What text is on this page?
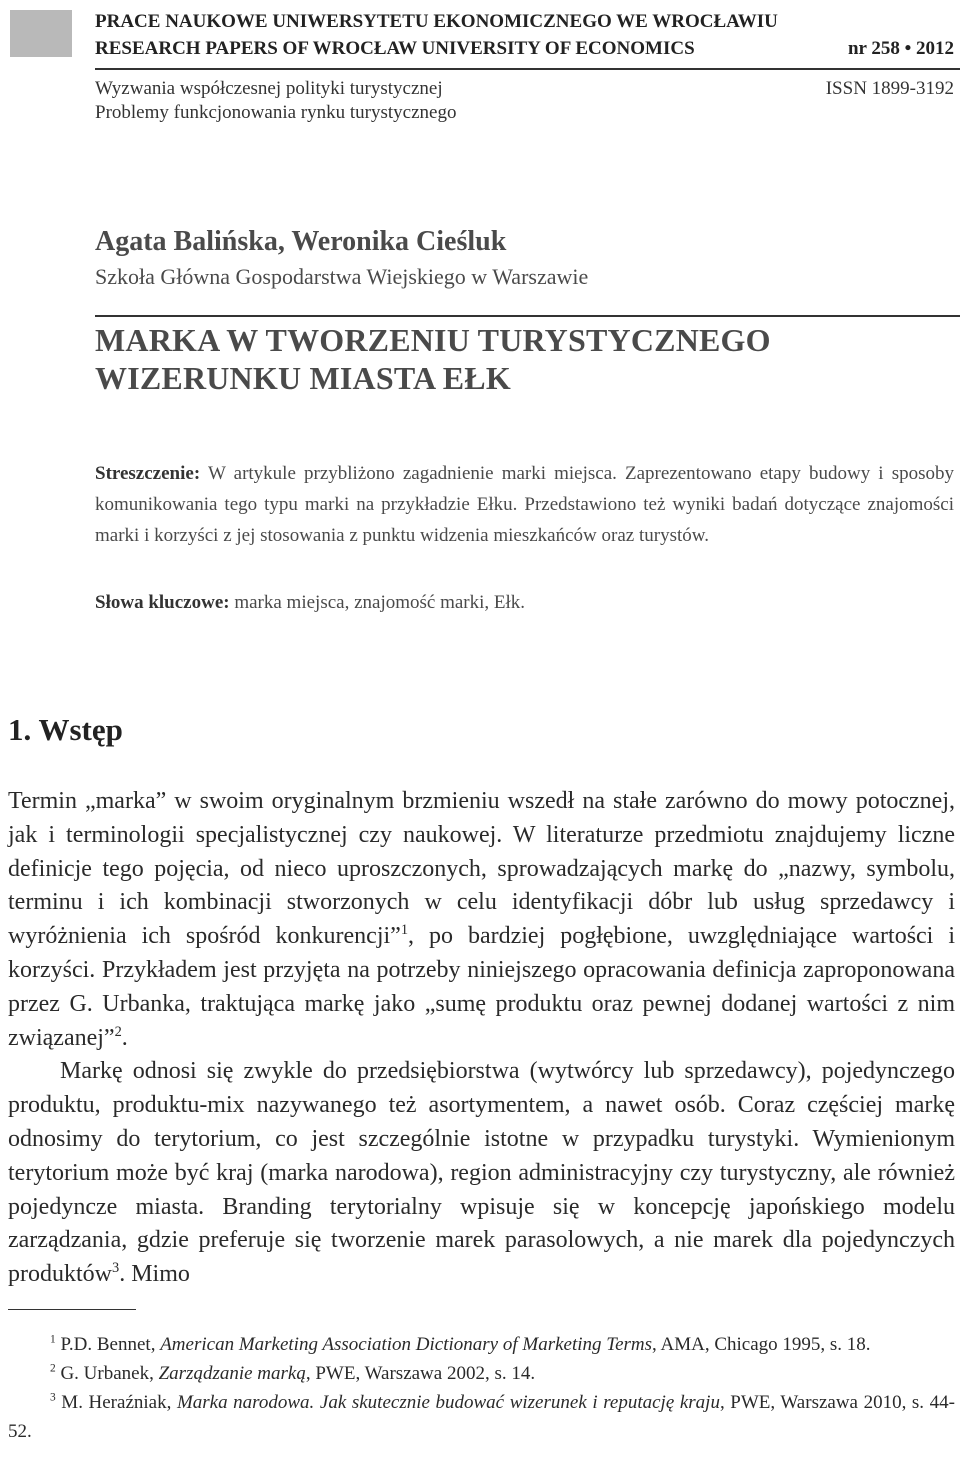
PRACE NAUKOWE UNIWERSYTETU EKONOMICZNEGO WE WROCŁAWIU
RESEARCH PAPERS OF WROCŁAW UNIVERSITY OF ECONOMICS	nr 258 • 2012
Wyzwania współczesnej polityki turystycznej
Problemy funkcjonowania rynku turystycznego
ISSN 1899-3192
Agata Balińska, Weronika Cieśluk
Szkoła Główna Gospodarstwa Wiejskiego w Warszawie
MARKA W TWORZENIU TURYSTYCZNEGO
WIZERUNKU MIASTA EŁK

Streszczenie: W artykule przybliżono zagadnienie marki miejsca. Zaprezentowano etapy budowy i sposoby komunikowania tego typu marki na przykładzie Ełku. Przedstawiono też wyniki badań dotyczące znajomości marki i korzyści z jej stosowania z punktu widzenia mieszkańców oraz turystów.

Słowa kluczowe: marka miejsca, znajomość marki, Ełk.
1. Wstęp

Termin „marka” w swoim oryginalnym brzmieniu wszedł na stałe zarówno do mowy potocznej, jak i terminologii specjalistycznej czy naukowej. W literaturze przedmiotu znajdujemy liczne definicje tego pojęcia, od nieco uproszczonych, sprowadzających markę do „nazwy, symbolu, terminu i ich kombinacji stworzonych w celu identyfikacji dóbr lub usług sprzedawcy i wyróżnienia ich spośród konkurencji”$^1$, po bardziej pogłębione, uwzględniające wartości i korzyści. Przykładem jest przyjęta na potrzeby niniejszego opracowania definicja zaproponowana przez G. Urbanka, traktująca markę jako „sumę produktu oraz pewnej dodanej wartości z nim związanej”$^2$.

Markę odnosi się zwykle do przedsiębiorstwa (wytwórcy lub sprzedawcy), pojedynczego produktu, produktu-mix nazywanego też asortymentem, a nawet osób. Coraz częściej markę odnosimy do terytorium, co jest szczególnie istotne w przypadku turystyki. Wymienionym terytorium może być kraj (marka narodowa), region administracyjny czy turystyczny, ale również pojedyncze miasta. Branding terytorialny wpisuje się w koncepcję japońskiego modelu zarządzania, gdzie preferuje się tworzenie marek parasolowych, a nie marek dla pojedynczych produktów$^3$. Mimo

$^1$ P.D. Bennet, American Marketing Association Dictionary of Marketing Terms, AMA, Chicago 1995, s. 18.

$^2$ G. Urbanek, Zarządzanie marką, PWE, Warszawa 2002, s. 14.

$^3$ M. Heraźniak, Marka narodowa. Jak skutecznie budować wizerunek i reputację kraju, PWE, Warszawa 2010, s. 44-52.
